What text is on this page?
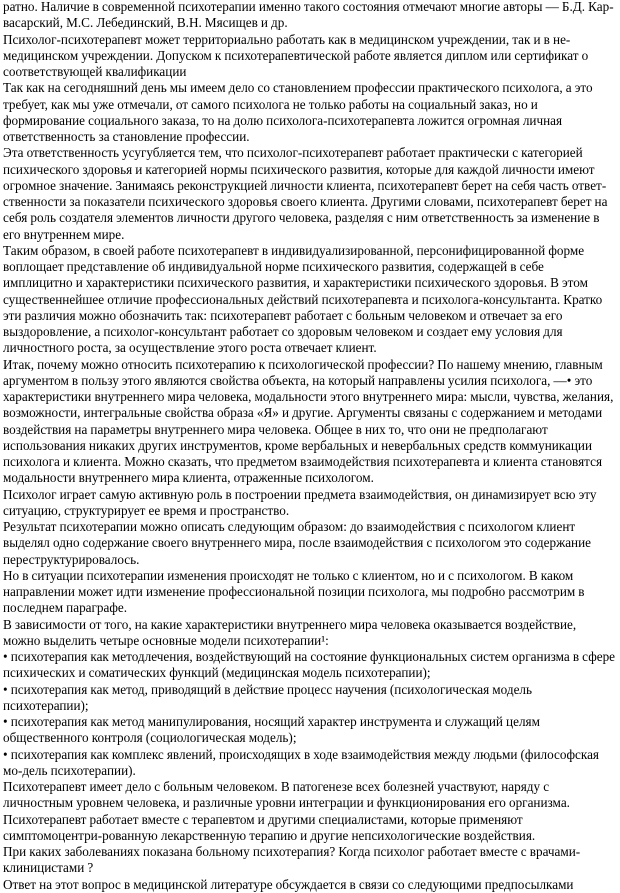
ратно. Наличие в современной психотерапии именно такого состояния отмечают многие авторы — Б.Д. Кар-васарский, М.С. Лебединский, В.Н. Мясищев и др.

Психолог-психотерапевт может территориально работать как в медицинском учреждении, так и в не-медицинском учреждении. Допуском к психотерапевтической работе является диплом или сертификат о соответствующей квалификации

Так как на сегодняшний день мы имеем дело со становлением профессии практического психолога, а это требует, как мы уже отмечали, от самого психолога не только работы на социальный заказ, но и формирование социального заказа, то на долю психолога-психотерапевта ложится огромная личная ответственность за становление профессии.

Эта ответственность усугубляется тем, что психолог-психотерапевт работает практически с категорией психического здоровья и категорией нормы психического развития, которые для каждой личности имеют огромное значение. Занимаясь реконструкцией личности клиента, психотерапевт берет на себя часть ответ-ственности за показатели психического здоровья своего клиента. Другими словами, психотерапевт берет на себя роль создателя элементов личности другого человека, разделяя с ним ответственность за изменение в его внутреннем мире.

Таким образом, в своей работе психотерапевт в индивидуализированной, персонифицированной форме воплощает представление об индивидуальной норме психического развития, содержащей в себе имплицитно и характеристики психического развития, и характеристики психического здоровья. В этом существеннейшее отличие профессиональных действий психотерапевта и психолога-консультанта. Кратко эти различия можно обозначить так: психотерапевт работает с больным человеком и отвечает за его выздоровление, а психолог-консультант работает со здоровым человеком и создает ему условия для личностного роста, за осуществление этого роста отвечает клиент.

Итак, почему можно относить психотерапию к психологической профессии? По нашему мнению, главным аргументом в пользу этого являются свойства объекта, на который направлены усилия психолога, —• это характеристики внутреннего мира человека, модальности этого внутреннего мира: мысли, чувства, желания, возможности, интегральные свойства образа «Я» и другие. Аргументы связаны с содержанием и методами воздействия на параметры внутреннего мира человека. Общее в них то, что они не предполагают использования никаких других инструментов, кроме вербальных и невербальных средств коммуникации психолога и клиента. Можно сказать, что предметом взаимодействия психотерапевта и клиента становятся модальности внутреннего мира клиента, отраженные психологом.

Психолог играет самую активную роль в построении предмета взаимодействия, он динамизирует всю эту ситуацию, структурирует ее время и пространство.

Результат психотерапии можно описать следующим образом: до взаимодействия с психологом клиент выделял одно содержание своего внутреннего мира, после взаимодействия с психологом это содержание переструктурировалось.

Но в ситуации психотерапии изменения происходят не только с клиентом, но и с психологом. В каком направлении может идти изменение профессиональной позиции психолога, мы подробно рассмотрим в последнем параграфе.

В зависимости от того, на какие характеристики внутреннего мира человека оказывается воздействие, можно выделить четыре основные модели психотерапии¹:

• психотерапия как методлечения, воздействующий на состояние функциональных систем организма в сфере психических и соматических функций (медицинская модель психотерапии);

• психотерапия как метод, приводящий в действие процесс научения (психологическая модель психотерапии);

• психотерапия как метод манипулирования, носящий характер инструмента и служащий целям общественного контроля (социологическая модель);

• психотерапия как комплекс явлений, происходящих в ходе взаимодействия между людьми (философская мо-дель психотерапии).

Психотерапевт имеет дело с больным человеком. В патогенезе всех болезней участвуют, наряду с личностным уровнем человека, и различные уровни интеграции и функционирования его организма. Психотерапевт работает вместе с терапевтом и другими специалистами, которые применяют симптомоцентри-рованную лекарственную терапию и другие непсихологические воздействия.

При каких заболеваниях показана больному психотерапия? Когда психолог работает вместе с врачами-клиницистами ?

Ответ на этот вопрос в медицинской литературе обсуждается в связи со следующими предпосылками
